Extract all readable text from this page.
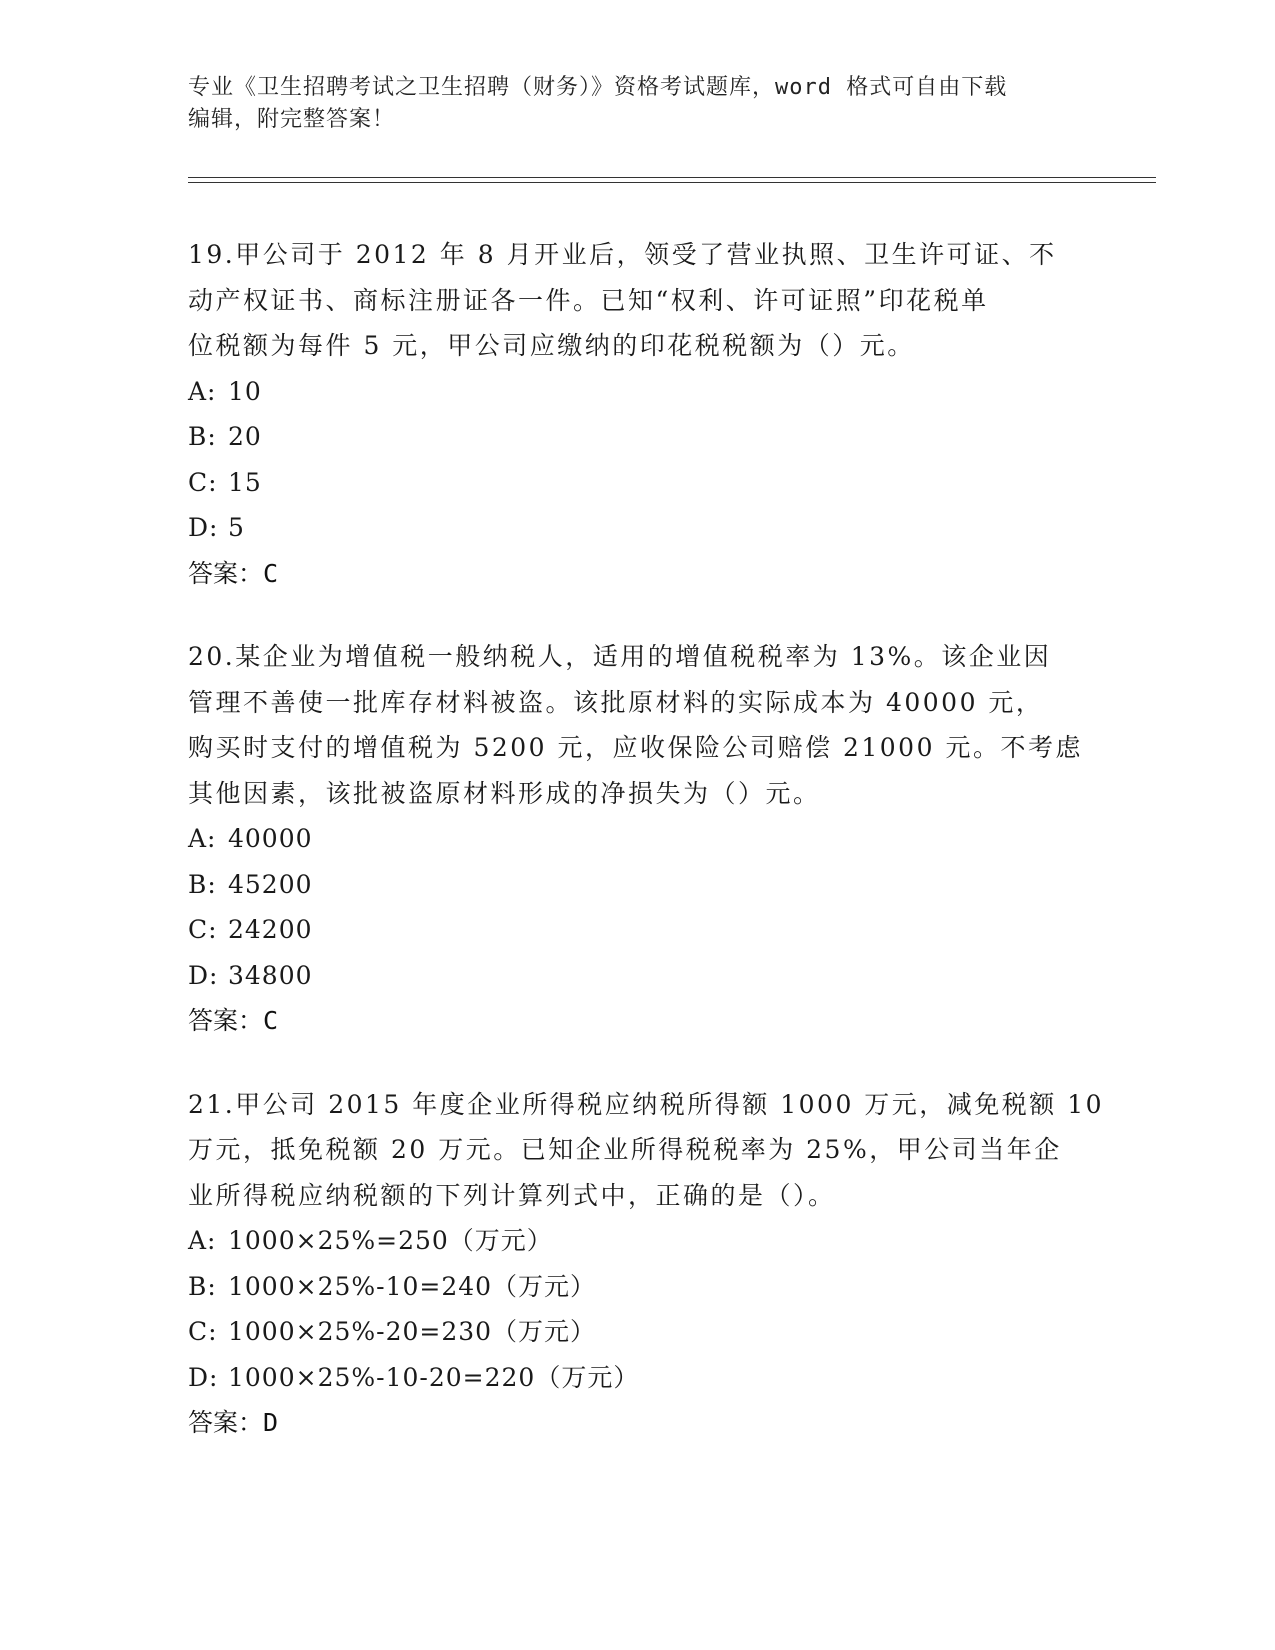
专业《卫生招聘考试之卫生招聘（财务）》资格考试题库，word 格式可自由下载
编辑，附完整答案！
19.甲公司于 2012 年 8 月开业后，领受了营业执照、卫生许可证、不
动产权证书、商标注册证各一件。已知“权利、许可证照”印花税单
位税额为每件 5 元，甲公司应缴纳的印花税税额为（）元。
A: 10
B: 20
C: 15
D: 5
答案：C
20.某企业为增值税一般纳税人，适用的增值税税率为 13%。该企业因
管理不善使一批库存材料被盗。该批原材料的实际成本为 40000 元，
购买时支付的增值税为 5200 元，应收保险公司赔偿 21000 元。不考虑
其他因素，该批被盗原材料形成的净损失为（）元。
A: 40000
B: 45200
C: 24200
D: 34800
答案：C
21.甲公司 2015 年度企业所得税应纳税所得额 1000 万元，减免税额 10
万元，抵免税额 20 万元。已知企业所得税税率为 25%，甲公司当年企
业所得税应纳税额的下列计算列式中，正确的是（）。
A: 1000×25%=250（万元）
B: 1000×25%-10=240（万元）
C: 1000×25%-20=230（万元）
D: 1000×25%-10-20=220（万元）
答案：D
